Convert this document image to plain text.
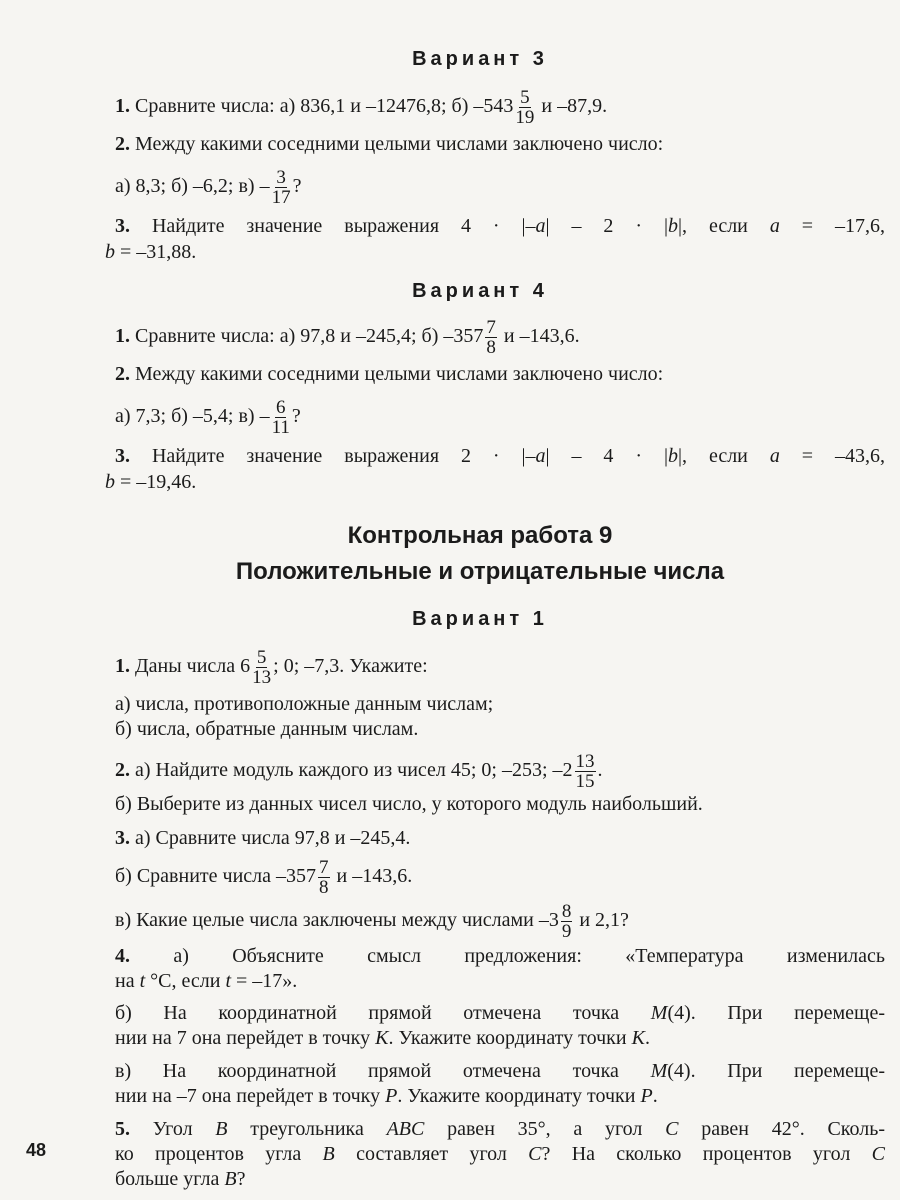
Вариант 3
Вариант 4
Контрольная работа 9
Положительные и отрицательные числа
Вариант 1
1. Сравните числа: а) 836,1 и –12476,8; б) $-543 \frac{5}{19}$ и –87,9.
2. Между какими соседними целыми числами заключено число:
а) 8,3; б) –6,2; $в) - \frac{3}{17}$ ?
3. Найдите значение выражения 4 · |–a| – 2 · |b|, если a = –17,6,
b = –31,88.
1. Сравните числа: а) 97,8 и –245,4; б) $-357 \frac{7}{8}$ и –143,6.
2. Между какими соседними целыми числами заключено число:
а) 7,3; б) –5,4; $в) - \frac{6}{11}$ ?
3. Найдите значение выражения 2 · |–a| – 4 · |b|, если a = –43,6,
b = –19,46.
1. Даны числа $6 \frac{5}{13}$ ; 0; –7,3. Укажите:
а) числа, противоположные данным числам;
б) числа, обратные данным числам.
2. а) Найдите модуль каждого из чисел 45; 0; –253; $-2 \frac{13}{15}$ .
б) Выберите из данных чисел число, у которого модуль наибольший.
3. а) Сравните числа 97,8 и –245,4.
б) Сравните числа $-357 \frac{7}{8}$ и –143,6.
в) Какие целые числа заключены между числами $-3 \frac{8}{9}$ и 2,1?
4. а) Объясните смысл предложения: «Температура изменилась
на t °С, если t = –17».
б) На координатной прямой отмечена точка M(4). При перемеще-
нии на 7 она перейдет в точку K. Укажите координату точки K.
в) На координатной прямой отмечена точка M(4). При перемеще-
нии на –7 она перейдет в точку P. Укажите координату точки P.
5. Угол B треугольника ABC равен 35°, а угол C равен 42°. Сколь-
ко процентов угла B составляет угол C? На сколько процентов угол C
больше угла B?
48
